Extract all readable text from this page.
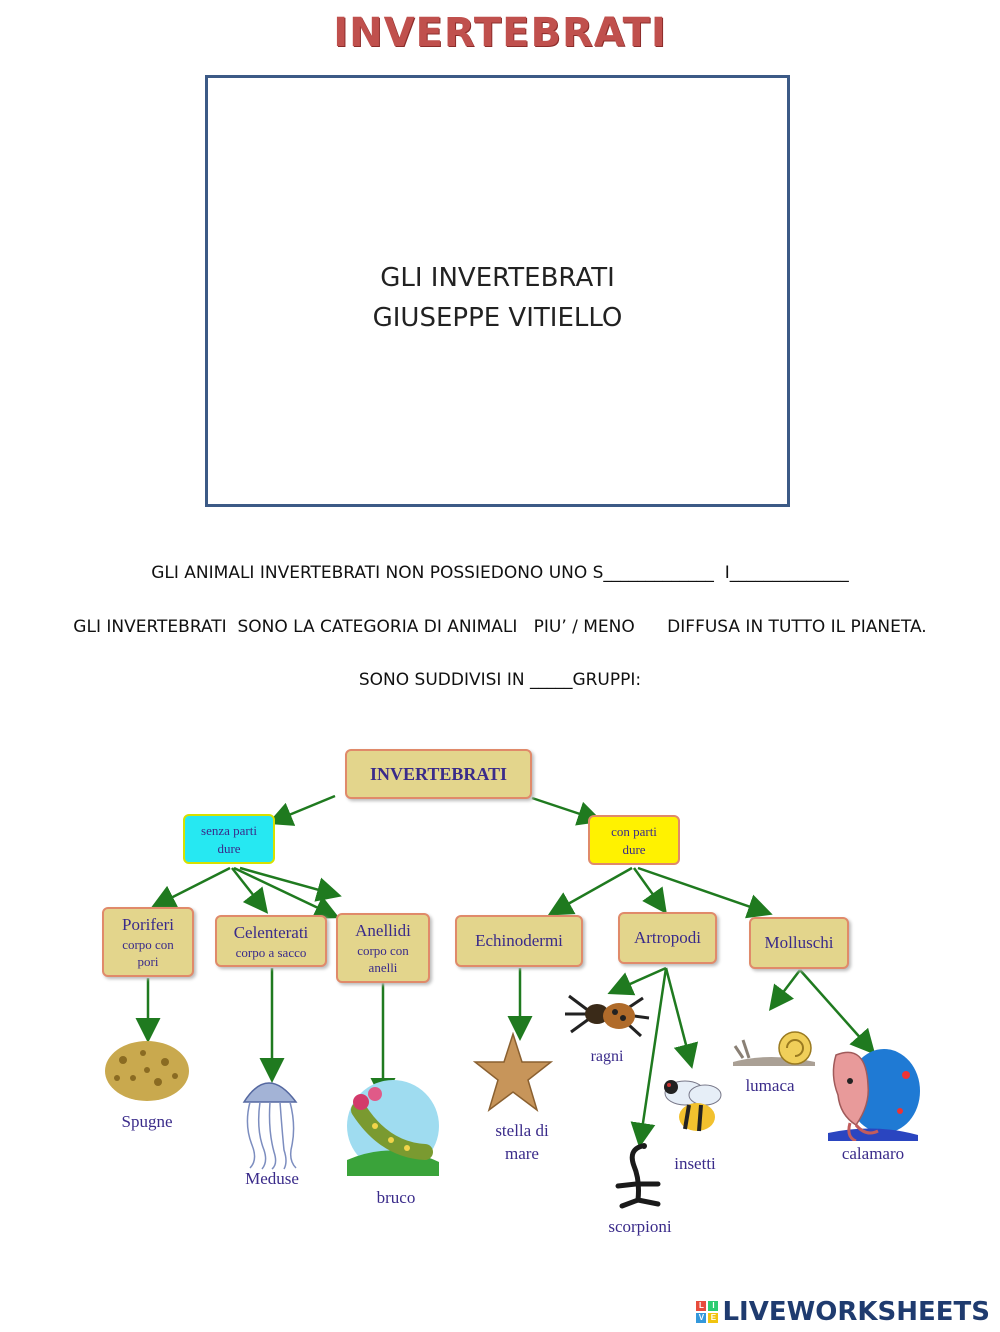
INVERTEBRATI
GLI INVERTEBRATI
GIUSEPPE VITIELLO
GLI ANIMALI INVERTEBRATI NON POSSIEDONO UNO S_____________  I______________
GLI INVERTEBRATI  SONO LA CATEGORIA DI ANIMALI   PIU’ / MENO      DIFFUSA IN TUTTO IL PIANETA.
SONO SUDDIVISI IN _____GRUPPI:
INVERTEBRATI
senza parti
dure
con parti
dure
Poriferi
corpo con
pori
Celenterati
corpo a sacco
Anellidi
corpo con
anelli
Echinodermi	Artropodi	Molluschi
Spugne
Meduse
bruco
stella di
mare
ragni
insetti
scorpioni
lumaca
calamaro
L	I
V E LIVEWORKSHEETS
